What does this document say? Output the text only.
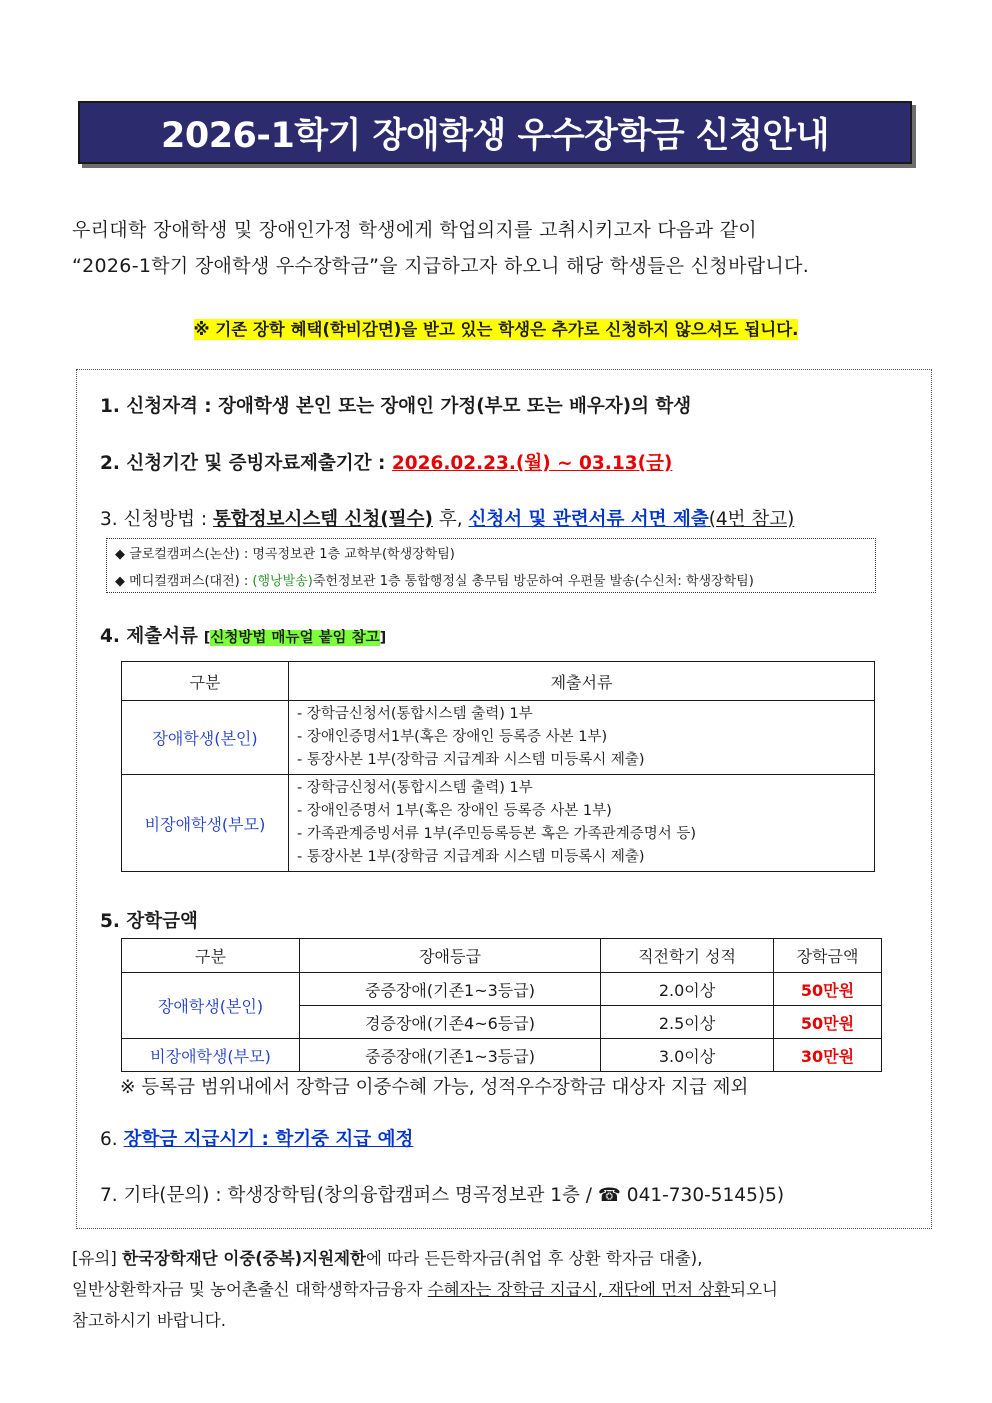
2026-1학기 장애학생 우수장학금 신청안내
우리대학 장애학생 및 장애인가정 학생에게 학업의지를 고취시키고자 다음과 같이
“2026-1학기 장애학생 우수장학금”을 지급하고자 하오니 해당 학생들은 신청바랍니다.
※ 기존 장학 혜택(학비감면)을 받고 있는 학생은 추가로 신청하지 않으셔도 됩니다.
1. 신청자격 : 장애학생 본인 또는 장애인 가정(부모 또는 배우자)의 학생
2. 신청기간 및 증빙자료제출기간 : 2026.02.23.(월) ~ 03.13(금)
3. 신청방법 : 통합정보시스템 신청(필수) 후, 신청서 및 관련서류 서면 제출(4번 참고)
◆ 글로컬캠퍼스(논산) : 명곡정보관 1층 교학부(학생장학팀)
◆ 메디컬캠퍼스(대전) : (행낭발송)죽헌정보관 1층 통합행정실 총무팀 방문하여 우편물 발송(수신처: 학생장학팀)
4. 제출서류 [신청방법 매뉴얼 붙임 참고]
구분	제출서류
장애학생(본인)	- 장학금신청서(통합시스템 출력) 1부
- 장애인증명서1부(혹은 장애인 등록증 사본 1부)
- 통장사본 1부(장학금 지급계좌 시스템 미등록시 제출)

비장애학생(부모)	- 장학금신청서(통합시스템 출력) 1부
- 장애인증명서 1부(혹은 장애인 등록증 사본 1부)
- 가족관계증빙서류 1부(주민등록등본 혹은 가족관계증명서 등)
- 통장사본 1부(장학금 지급계좌 시스템 미등록시 제출)
5. 장학금액
구분	장애등급	직전학기 성적	장학금액
장애학생(본인)	중증장애(기존1~3등급)	2.0이상	50만원
	경증장애(기존4~6등급)	2.5이상	50만원
비장애학생(부모)	중증장애(기존1~3등급)	3.0이상	30만원
※ 등록금 범위내에서 장학금 이중수혜 가능, 성적우수장학금 대상자 지급 제외
6. 장학금 지급시기 : 학기중 지급 예정
7. 기타(문의) : 학생장학팀(창의융합캠퍼스 명곡정보관 1층 / ☎ 041-730-5145)5)
[유의] 한국장학재단 이중(중복)지원제한에 따라 든든학자금(취업 후 상환 학자금 대출),
일반상환학자금 및 농어촌출신 대학생학자금융자 수혜자는 장학금 지급시, 재단에 먼저 상환되오니
참고하시기 바랍니다.
